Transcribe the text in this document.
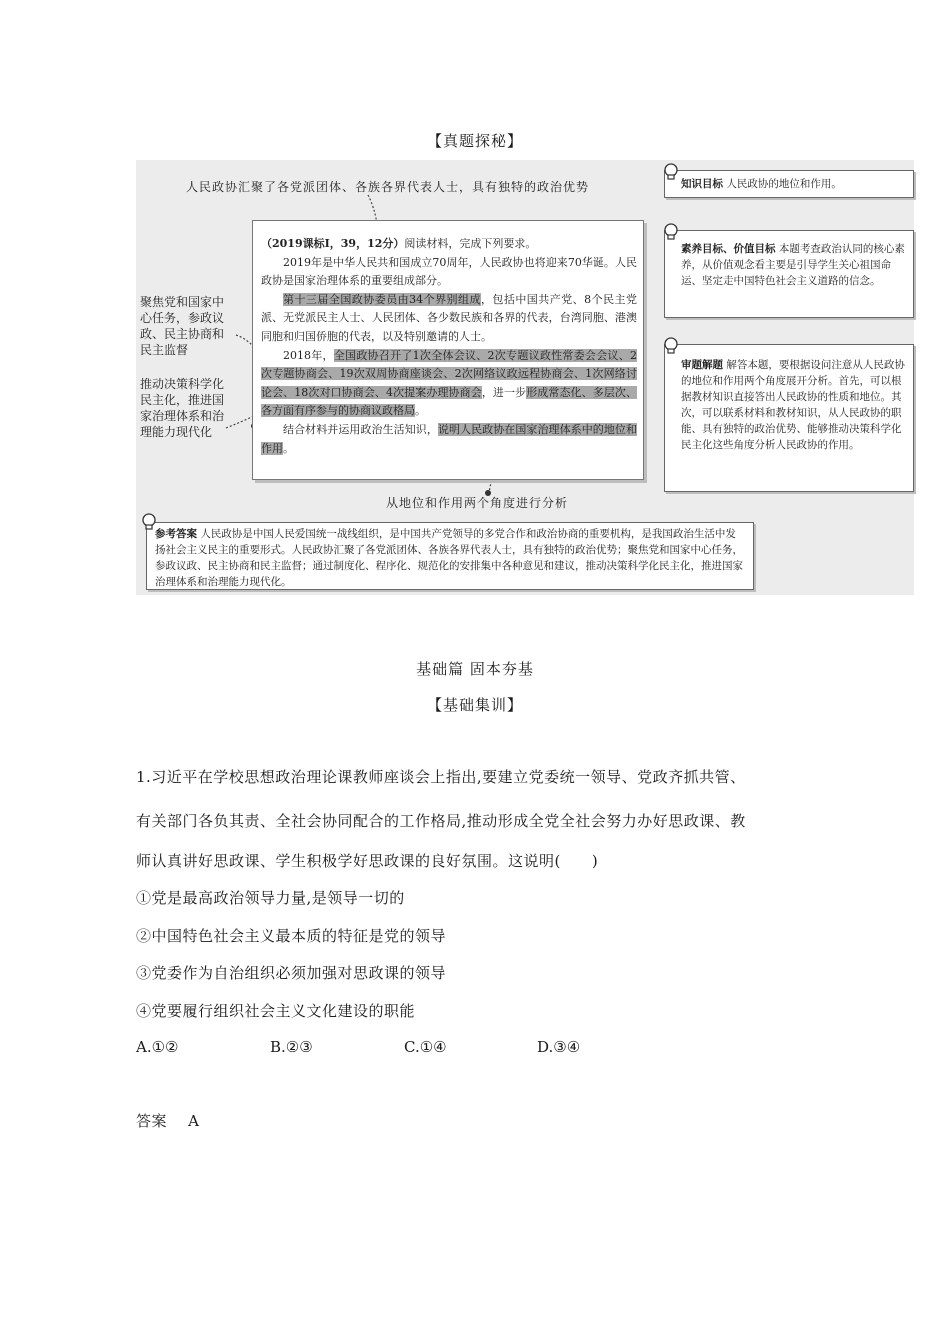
【真题探秘】
人民政协汇聚了各党派团体、各族各界代表人士，具有独特的政治优势
聚焦党和国家中
心任务，参政议
政、民主协商和
民主监督
推动决策科学化
民主化，推进国
家治理体系和治
理能力现代化

（2019课标Ⅰ，39，12分）阅读材料，完成下列要求。

2019年是中华人民共和国成立70周年，人民政协也将迎来70华诞。人民政协是国家治理体系的重要组成部分。

第十三届全国政协委员由34个界别组成，包括中国共产党、8个民主党派、无党派民主人士、人民团体、各少数民族和各界的代表，台湾同胞、港澳同胞和归国侨胞的代表，以及特别邀请的人士。

2018年，全国政协召开了1次全体会议、2次专题议政性常委会会议、2次专题协商会、19次双周协商座谈会、2次网络议政远程协商会、1次网络讨论会、18次对口协商会、4次提案办理协商会，进一步形成常态化、多层次、各方面有序参与的协商议政格局。

结合材料并运用政治生活知识，说明人民政协在国家治理体系中的地位和作用。

从地位和作用两个角度进行分析
知识目标 人民政协的地位和作用。
素养目标、价值目标 本题考查政治认同的核心素养，从价值观念看主要是引导学生关心祖国命运、坚定走中国特色社会主义道路的信念。
审题解题 解答本题，要根据设问注意从人民政协的地位和作用两个角度展开分析。首先，可以根据教材知识直接答出人民政协的性质和地位。其次，可以联系材料和教材知识，从人民政协的职能、具有独特的政治优势、能够推动决策科学化民主化这些角度分析人民政协的作用。
参考答案 人民政协是中国人民爱国统一战线组织，是中国共产党领导的多党合作和政治协商的重要机构，是我国政治生活中发扬社会主义民主的重要形式。人民政协汇聚了各党派团体、各族各界代表人士，具有独特的政治优势；聚焦党和国家中心任务，参政议政、民主协商和民主监督；通过制度化、程序化、规范化的安排集中各种意见和建议，推动决策科学化民主化，推进国家治理体系和治理能力现代化。
基础篇 固本夯基
【基础集训】
1.习近平在学校思想政治理论课教师座谈会上指出,要建立党委统一领导、党政齐抓共管、
有关部门各负其责、全社会协同配合的工作格局,推动形成全党全社会努力办好思政课、教
师认真讲好思政课、学生积极学好思政课的良好氛围。这说明(　　)
①党是最高政治领导力量,是领导一切的
②中国特色社会主义最本质的特征是党的领导
③党委作为自治组织必须加强对思政课的领导
④党要履行组织社会主义文化建设的职能
A.①②	B.②③	C.①④	D.③④
答案 A
